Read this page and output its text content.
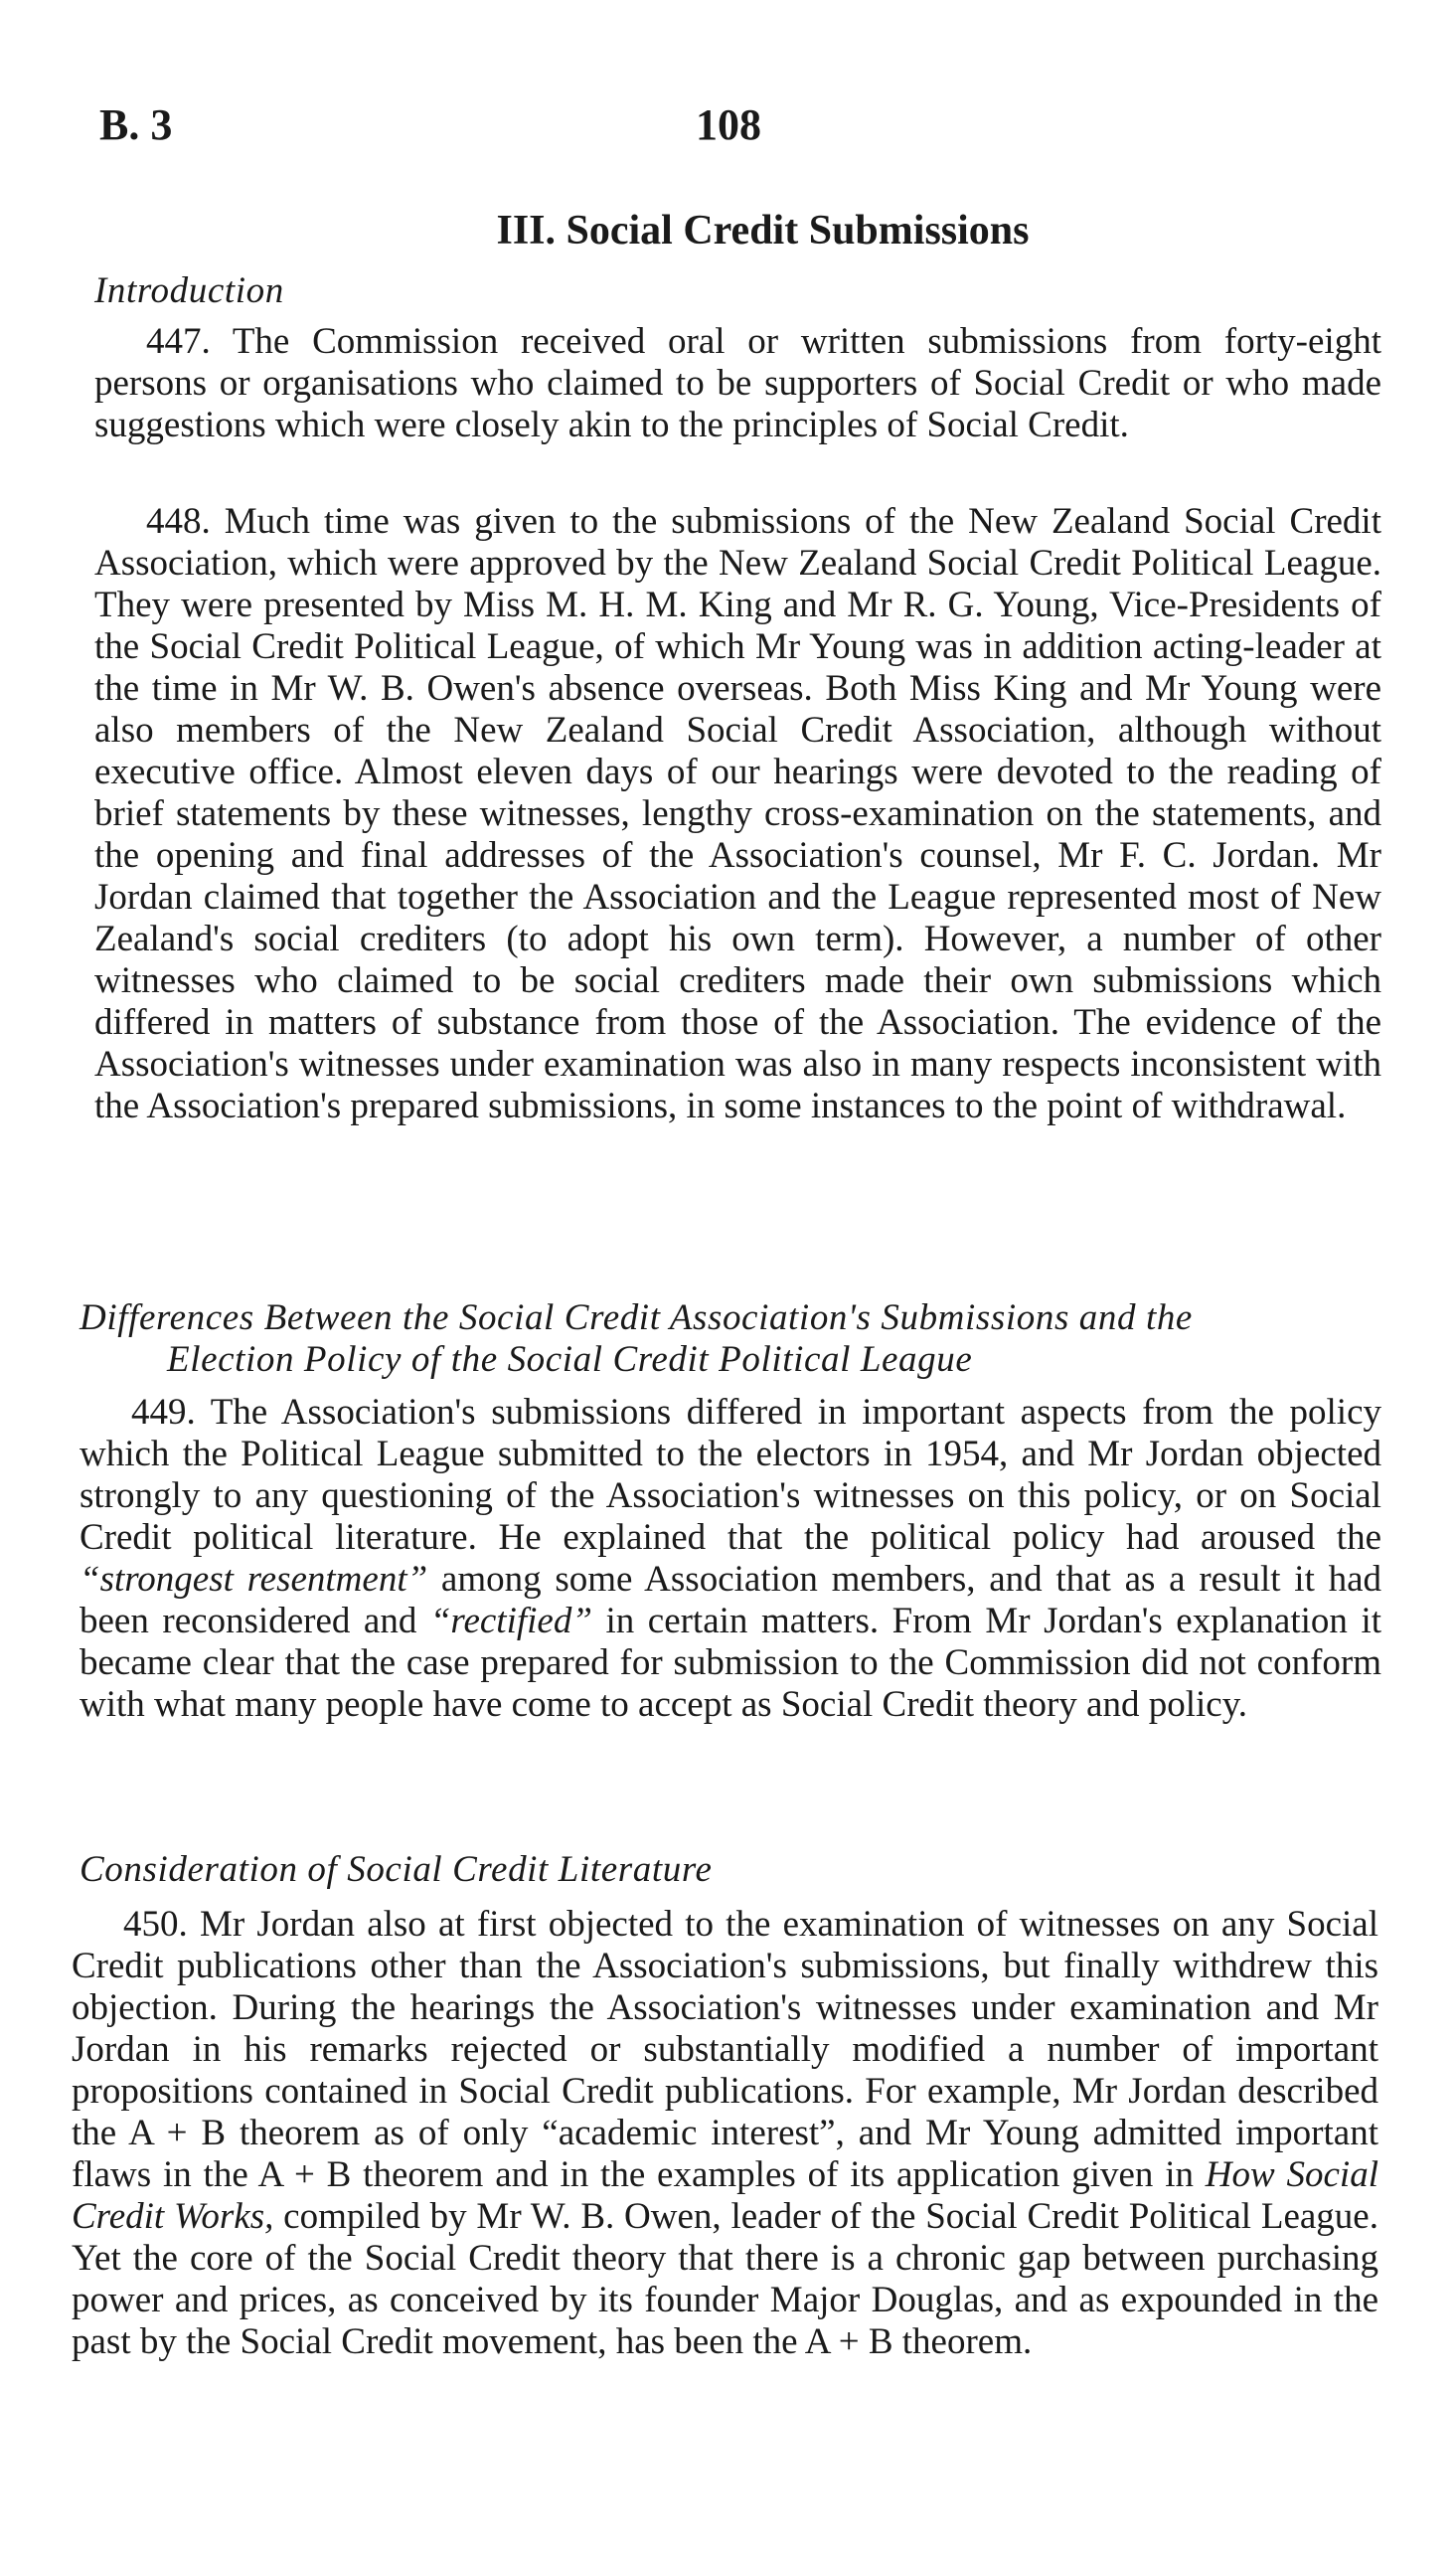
B. 3	108
III. Social Credit Submissions
Introduction

447. The Commission received oral or written submissions from forty-eight persons or organisations who claimed to be supporters of Social Credit or who made suggestions which were closely akin to the principles of Social Credit.

448. Much time was given to the submissions of the New Zealand Social Credit Association, which were approved by the New Zealand Social Credit Political League. They were presented by Miss M. H. M. King and Mr R. G. Young, Vice-Presidents of the Social Credit Political League, of which Mr Young was in addition acting-leader at the time in Mr W. B. Owen's absence overseas. Both Miss King and Mr Young were also members of the New Zealand Social Credit Association, although without executive office. Almost eleven days of our hearings were devoted to the reading of brief statements by these witnesses, lengthy cross-examination on the statements, and the opening and final addresses of the Association's counsel, Mr F. C. Jordan. Mr Jordan claimed that together the Association and the League represented most of New Zealand's social crediters (to adopt his own term). However, a number of other witnesses who claimed to be social crediters made their own submissions which differed in matters of substance from those of the Association. The evidence of the Association's witnesses under examination was also in many respects inconsistent with the Association's prepared submissions, in some instances to the point of withdrawal.

Differences Between the Social Credit Association's Submissions and the
Election Policy of the Social Credit Political League

449. The Association's submissions differed in important aspects from the policy which the Political League submitted to the electors in 1954, and Mr Jordan objected strongly to any questioning of the Association's witnesses on this policy, or on Social Credit political literature. He explained that the political policy had aroused the “strongest resentment” among some Association members, and that as a result it had been reconsidered and “rectified” in certain matters. From Mr Jordan's explanation it became clear that the case prepared for submission to the Commission did not conform with what many people have come to accept as Social Credit theory and policy.

Consideration of Social Credit Literature

450. Mr Jordan also at first objected to the examination of witnesses on any Social Credit publications other than the Association's submissions, but finally withdrew this objection. During the hearings the Association's witnesses under examination and Mr Jordan in his remarks rejected or substantially modified a number of important propositions contained in Social Credit publications. For example, Mr Jordan described the A + B theorem as of only “academic interest”, and Mr Young admitted important flaws in the A + B theorem and in the examples of its application given in How Social Credit Works, compiled by Mr W. B. Owen, leader of the Social Credit Political League. Yet the core of the Social Credit theory that there is a chronic gap between purchasing power and prices, as conceived by its founder Major Douglas, and as expounded in the past by the Social Credit movement, has been the A + B theorem.
